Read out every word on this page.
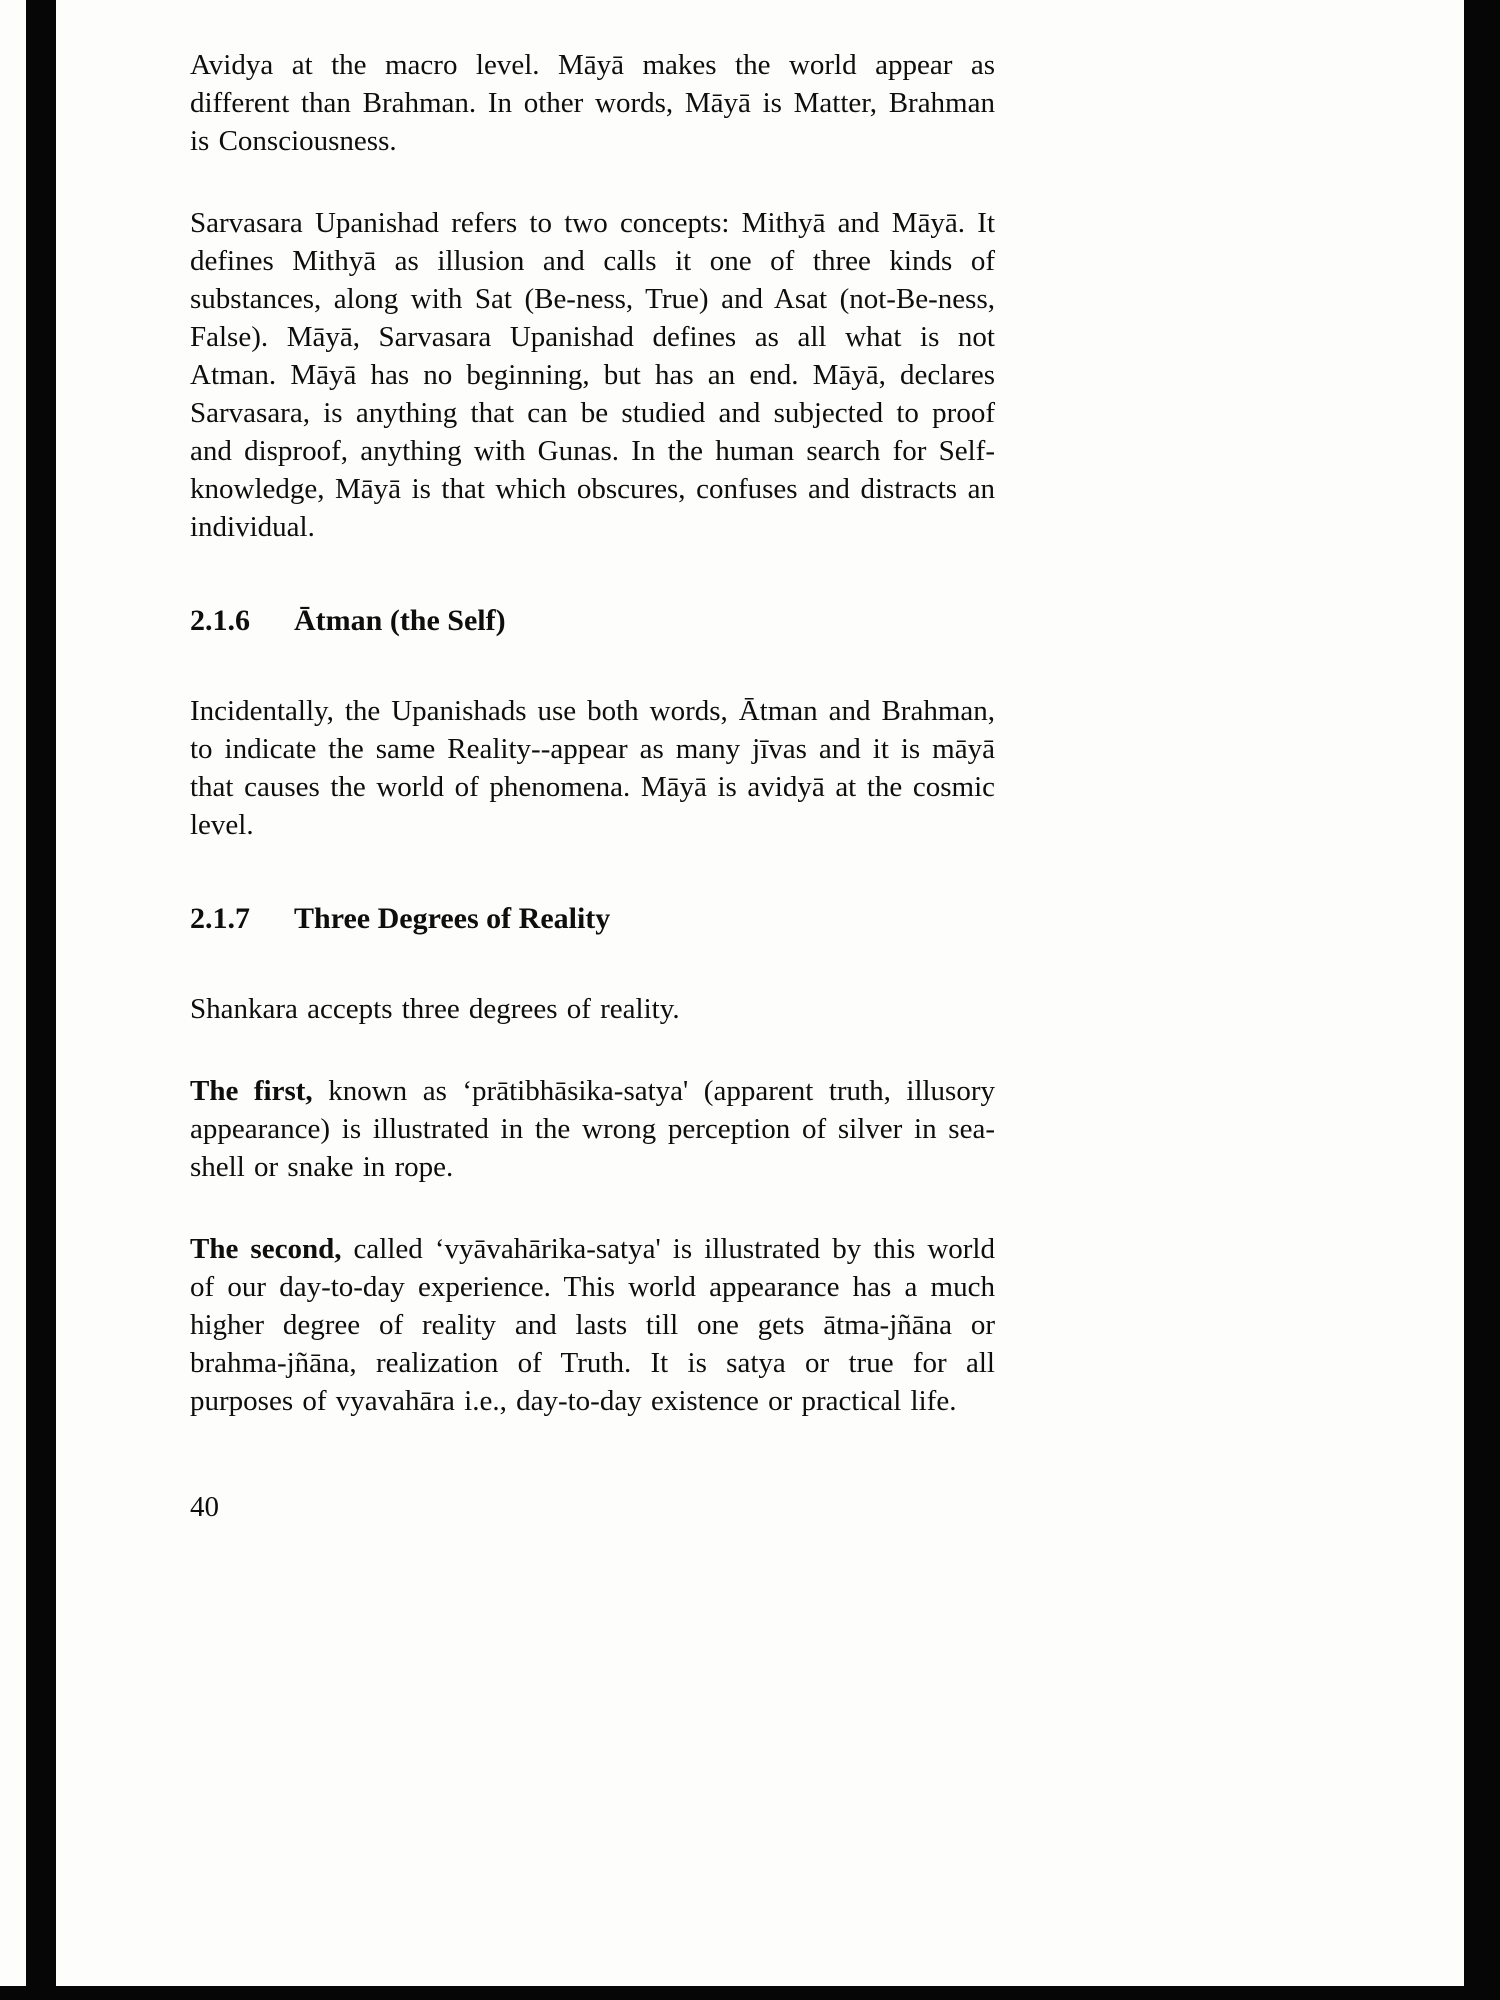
Avidya at the macro level. Māyā makes the world appear as different than Brahman. In other words, Māyā is Matter, Brahman is Consciousness.

Sarvasara Upanishad refers to two concepts: Mithyā and Māyā. It defines Mithyā as illusion and calls it one of three kinds of substances, along with Sat (Be-ness, True) and Asat (not-Be-ness, False). Māyā, Sarvasara Upanishad defines as all what is not Atman. Māyā has no beginning, but has an end. Māyā, declares Sarvasara, is anything that can be studied and subjected to proof and disproof, anything with Gunas. In the human search for Self-knowledge, Māyā is that which obscures, confuses and distracts an individual.

2.1.6 Ātman (the Self)

Incidentally, the Upanishads use both words, Ātman and Brahman, to indicate the same Reality--appear as many jīvas and it is māyā that causes the world of phenomena. Māyā is avidyā at the cosmic level.

2.1.7 Three Degrees of Reality

Shankara accepts three degrees of reality.

The first, known as ‘prātibhāsika-satya' (apparent truth, illusory appearance) is illustrated in the wrong perception of silver in sea-shell or snake in rope.

The second, called ‘vyāvahārika-satya' is illustrated by this world of our day-to-day experience. This world appearance has a much higher degree of reality and lasts till one gets ātma-jñāna or brahma-jñāna, realization of Truth. It is satya or true for all purposes of vyavahāra i.e., day-to-day existence or practical life.

40
